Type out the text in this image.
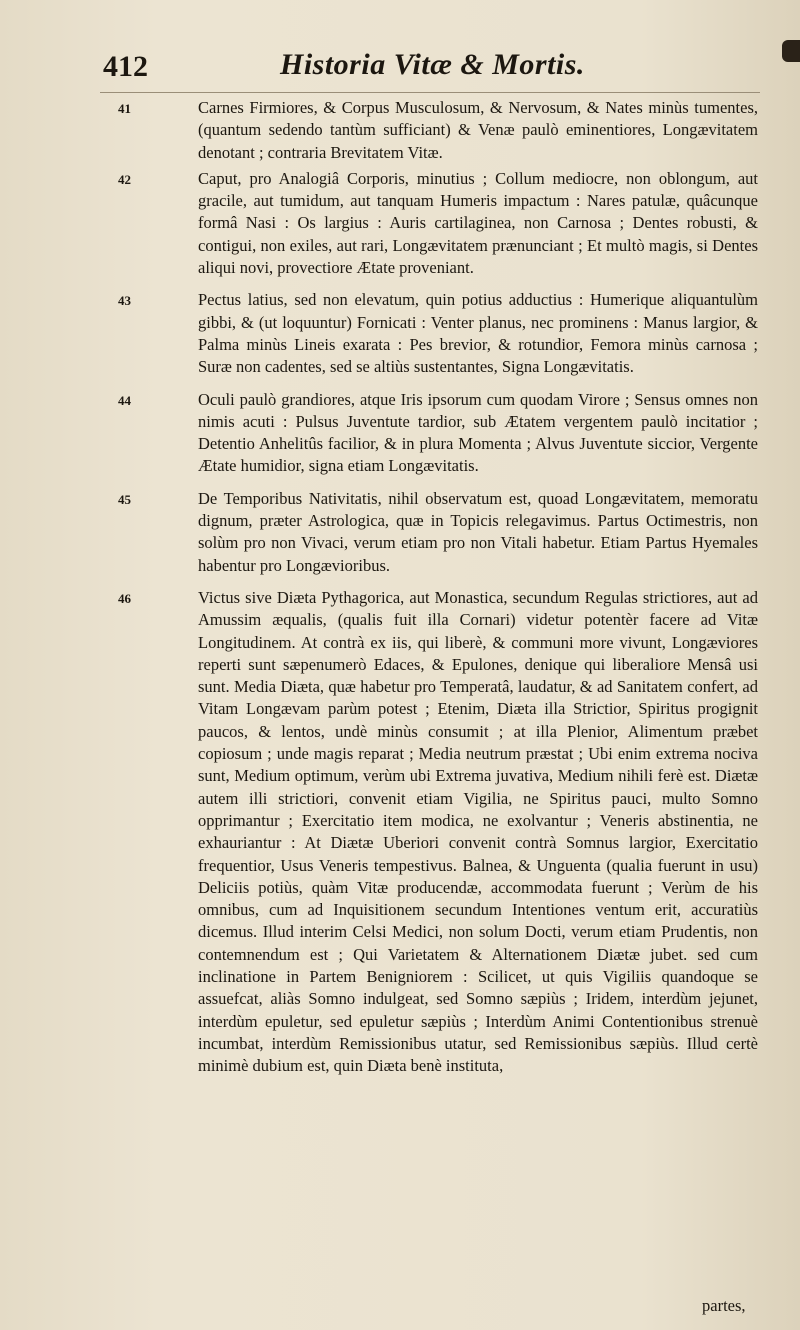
412	Historia Vitæ & Mortis.
41	Carnes Firmiores, & Corpus Musculosum, & Nervosum, & Nates minùs tumentes,(quantum sedendo tantùm sufficiant) & Venæ paulò eminentiores, Longævitatem denotant ; contraria Brevitatem Vitæ.

42	Caput, pro Analogiâ Corporis, minutius ; Collum mediocre, non oblongum, aut gracile, aut tumidum, aut tanquam Humeris impactum : Nares patulæ, quâcunque formâ Nasi : Os largius : Auris cartilaginea, non Carnosa ; Dentes robusti, & contigui, non exiles, aut rari, Longævitatem prænunciant ; Et multò magis, si Dentes aliqui novi, provectiore Ætate proveniant.

43	Pectus latius, sed non elevatum, quin potius adductius : Humerique aliquantulùm gibbi, & (ut loquuntur) Fornicati : Venter planus, nec prominens : Manus largior, & Palma minùs Lineis exarata : Pes brevior, & rotundior, Femora minùs carnosa ; Suræ non cadentes, sed se altiùs sustentantes, Signa Longævitatis.

44	Oculi paulò grandiores, atque Iris ipsorum cum quodam Virore ; Sensus omnes non nimis acuti : Pulsus Juventute tardior, sub Ætatem vergentem paulò incitatior ; Detentio Anhelitûs facilior, & in plura Momenta ; Alvus Juventute siccior, Vergente Ætate humidior, signa etiam Longævitatis.

45	De Temporibus Nativitatis, nihil observatum est, quoad Longævitatem, memoratu dignum, præter Astrologica, quæ in Topicis relegavimus. Partus Octimestris, non solùm pro non Vivaci, verum etiam pro non Vitali habetur. Etiam Partus Hyemales habentur pro Longævioribus.

46	Victus sive Diæta Pythagorica, aut Monastica, secundum Regulas strictiores, aut ad Amussim æqualis, (qualis fuit illa Cornari) videtur potentèr facere ad Vitæ Longitudinem. At contrà ex iis, qui liberè, & communi more vivunt, Longæviores reperti sunt sæpenumerò Edaces, & Epulones, denique qui liberaliore Mensâ usi sunt. Media Diæta, quæ habetur pro Temperatâ, laudatur, & ad Sanitatem confert, ad Vitam Longævam parùm potest ; Etenim, Diæta illa Strictior, Spiritus progignit paucos, & lentos, undè minùs consumit ; at illa Plenior, Alimentum præbet copiosum ; unde magis reparat ; Media neutrum præstat ; Ubi enim extrema nociva sunt, Medium optimum, verùm ubi Extrema juvativa, Medium nihili ferè est. Diætæ autem illi strictiori, convenit etiam Vigilia, ne Spiritus pauci, multo Somno opprimantur ; Exercitatio item modica, ne exolvantur ; Veneris abstinentia, ne exhauriantur : At Diætæ Uberiori convenit contrà Somnus largior, Exercitatio frequentior, Usus Veneris tempestivus. Balnea, & Unguenta (qualia fuerunt in usu) Deliciis potiùs, quàm Vitæ producendæ, accommodata fuerunt ; Verùm de his omnibus, cum ad Inquisitionem secundum Intentiones ventum erit, accuratiùs dicemus. Illud interim Celsi Medici, non solum Docti, verum etiam Prudentis, non contemnendum est ; Qui Varietatem & Alternationem Diætæ jubet. sed cum inclinatione in Partem Benigniorem : Scilicet, ut quis Vigiliis quandoque se assuefcat, aliàs Somno indulgeat, sed Somno sæpiùs ; Iridem, interdùm jejunet, interdùm epuletur, sed epuletur sæpiùs ; Interdùm Animi Contentionibus strenuè incumbat, interdùm Remissionibus utatur, sed Remissionibus sæpiùs. Illud certè minimè dubium est, quin Diæta benè instituta,

partes,
